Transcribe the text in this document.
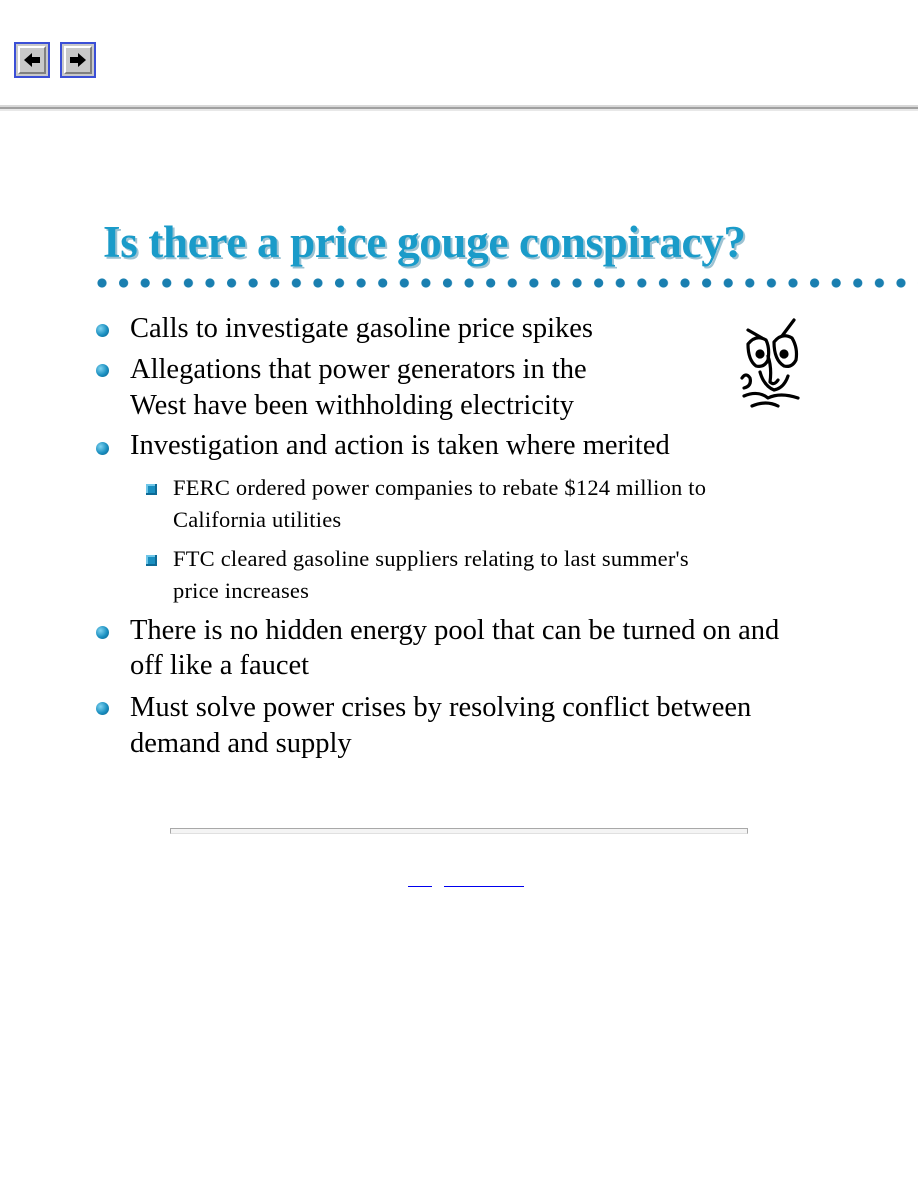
Is there a price gouge conspiracy?

Calls to investigate gasoline price spikes

Allegations that power generators in the

West have been withholding electricity

Investigation and action is taken where merited

FERC ordered power companies to rebate $124 million to

California utilities

FTC cleared gasoline suppliers relating to last summer's

price increases

There is no hidden energy pool that can be turned on and

off like a faucet

Must solve power crises by resolving conflict between

demand and supply
